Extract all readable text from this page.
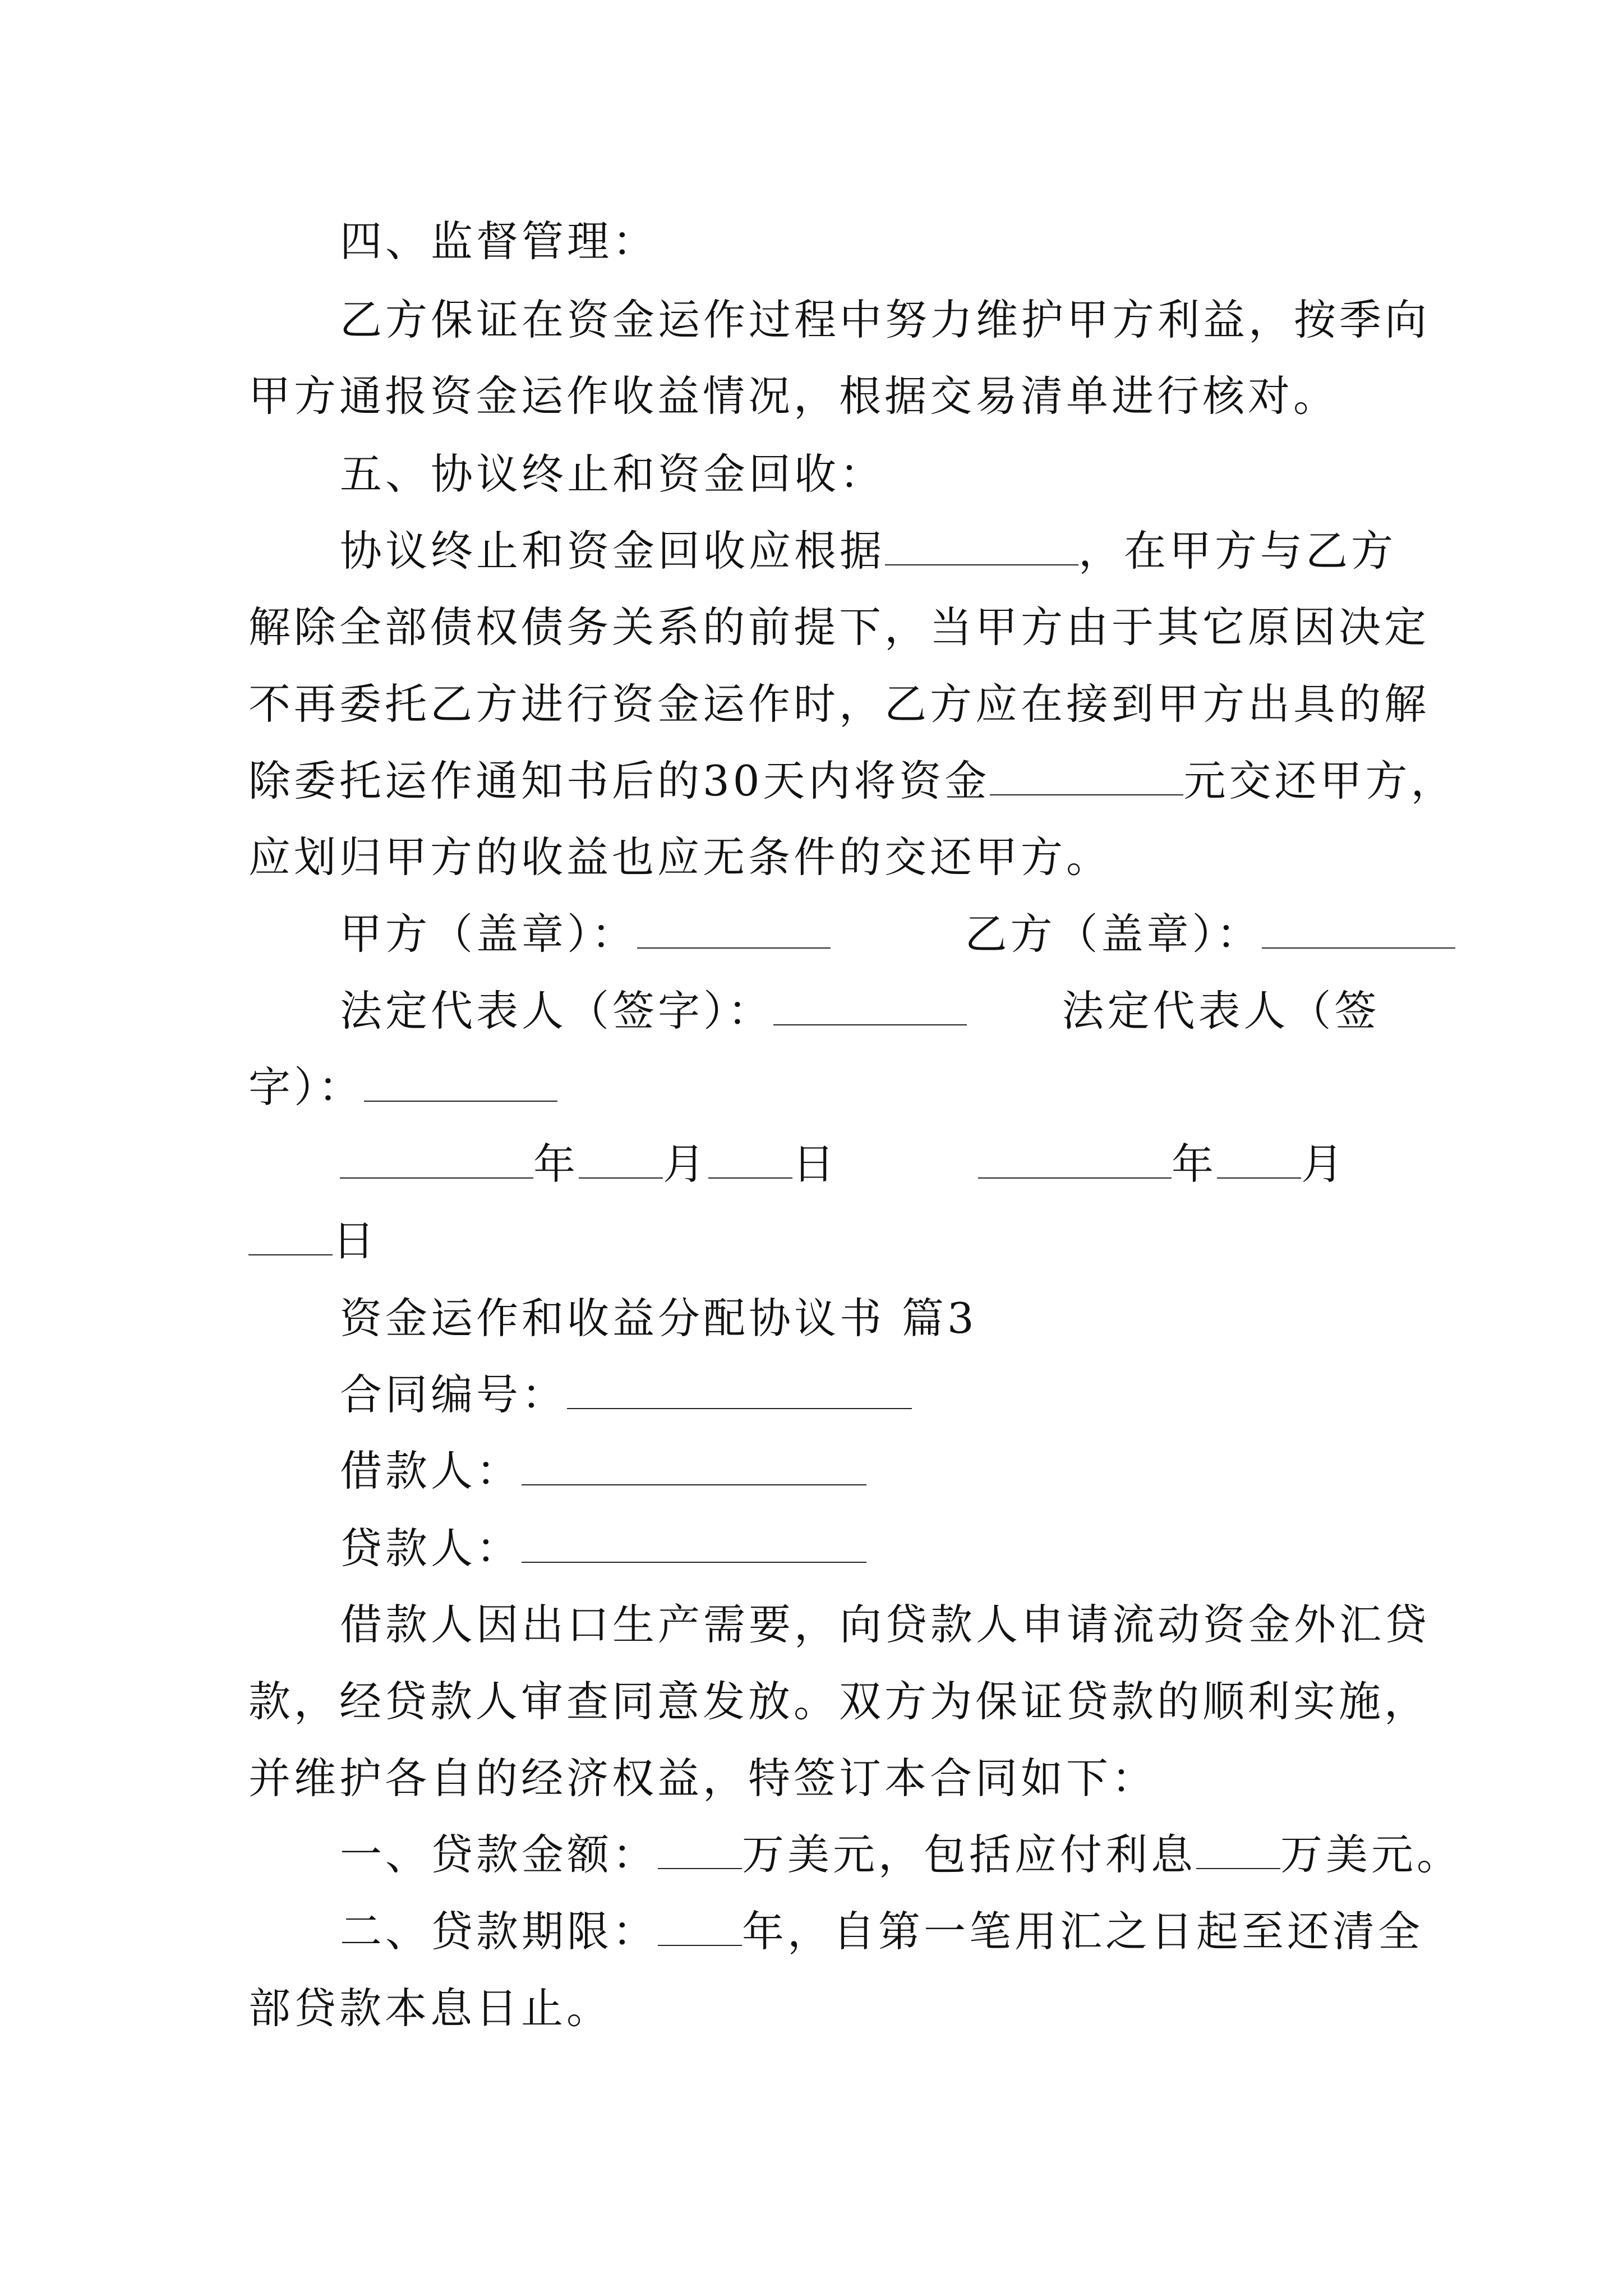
四、监督管理：
乙方保证在资金运作过程中努力维护甲方利益，按季向
甲方通报资金运作收益情况，根据交易清单进行核对。
五、协议终止和资金回收：
协议终止和资金回收应根据	，在甲方与乙方
解除全部债权债务关系的前提下，当甲方由于其它原因决定
不再委托乙方进行资金运作时，乙方应在接到甲方出具的解
除委托运作通知书后的30天内将资金	元交还甲方，
应划归甲方的收益也应无条件的交还甲方。
甲方（盖章）：	乙方（盖章）：
法定代表人（签字）：	法定代表人（签
字）：
年 月 日	年 月
日
资金运作和收益分配协议书 篇3
合同编号：
借款人：
贷款人：
借款人因出口生产需要，向贷款人申请流动资金外汇贷
款，经贷款人审查同意发放。双方为保证贷款的顺利实施，
并维护各自的经济权益，特签订本合同如下：
一、贷款金额： 万美元，包括应付利息 万美元。
二、贷款期限： 年，自第一笔用汇之日起至还清全
部贷款本息日止。
